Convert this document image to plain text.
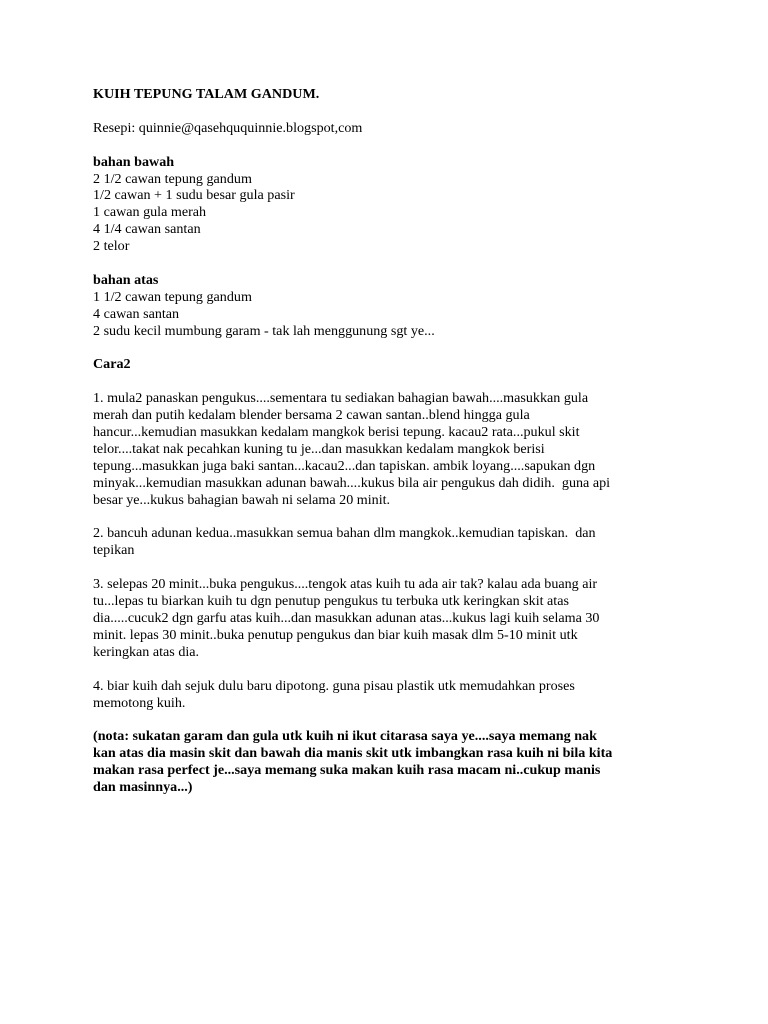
KUIH TEPUNG TALAM GANDUM.
Resepi: quinnie@qasehququinnie.blogspot,com
bahan bawah
2 1/2 cawan tepung gandum
1/2 cawan + 1 sudu besar gula pasir
1 cawan gula merah
4 1/4 cawan santan
2 telor
bahan atas
1 1/2 cawan tepung gandum
4 cawan santan
2 sudu kecil mumbung garam - tak lah menggunung sgt ye...
Cara2
1. mula2 panaskan pengukus....sementara tu sediakan bahagian bawah....masukkan gula
merah dan putih kedalam blender bersama 2 cawan santan..blend hingga gula
hancur...kemudian masukkan kedalam mangkok berisi tepung. kacau2 rata...pukul skit
telor....takat nak pecahkan kuning tu je...dan masukkan kedalam mangkok berisi
tepung...masukkan juga baki santan...kacau2...dan tapiskan. ambik loyang....sapukan dgn
minyak...kemudian masukkan adunan bawah....kukus bila air pengukus dah didih.  guna api
besar ye...kukus bahagian bawah ni selama 20 minit.
2. bancuh adunan kedua..masukkan semua bahan dlm mangkok..kemudian tapiskan.  dan
tepikan
3. selepas 20 minit...buka pengukus....tengok atas kuih tu ada air tak? kalau ada buang air
tu...lepas tu biarkan kuih tu dgn penutup pengukus tu terbuka utk keringkan skit atas
dia.....cucuk2 dgn garfu atas kuih...dan masukkan adunan atas...kukus lagi kuih selama 30
minit. lepas 30 minit..buka penutup pengukus dan biar kuih masak dlm 5-10 minit utk
keringkan atas dia.
4. biar kuih dah sejuk dulu baru dipotong. guna pisau plastik utk memudahkan proses
memotong kuih.
(nota: sukatan garam dan gula utk kuih ni ikut citarasa saya ye....saya memang nak
kan atas dia masin skit dan bawah dia manis skit utk imbangkan rasa kuih ni bila kita
makan rasa perfect je...saya memang suka makan kuih rasa macam ni..cukup manis
dan masinnya...)
